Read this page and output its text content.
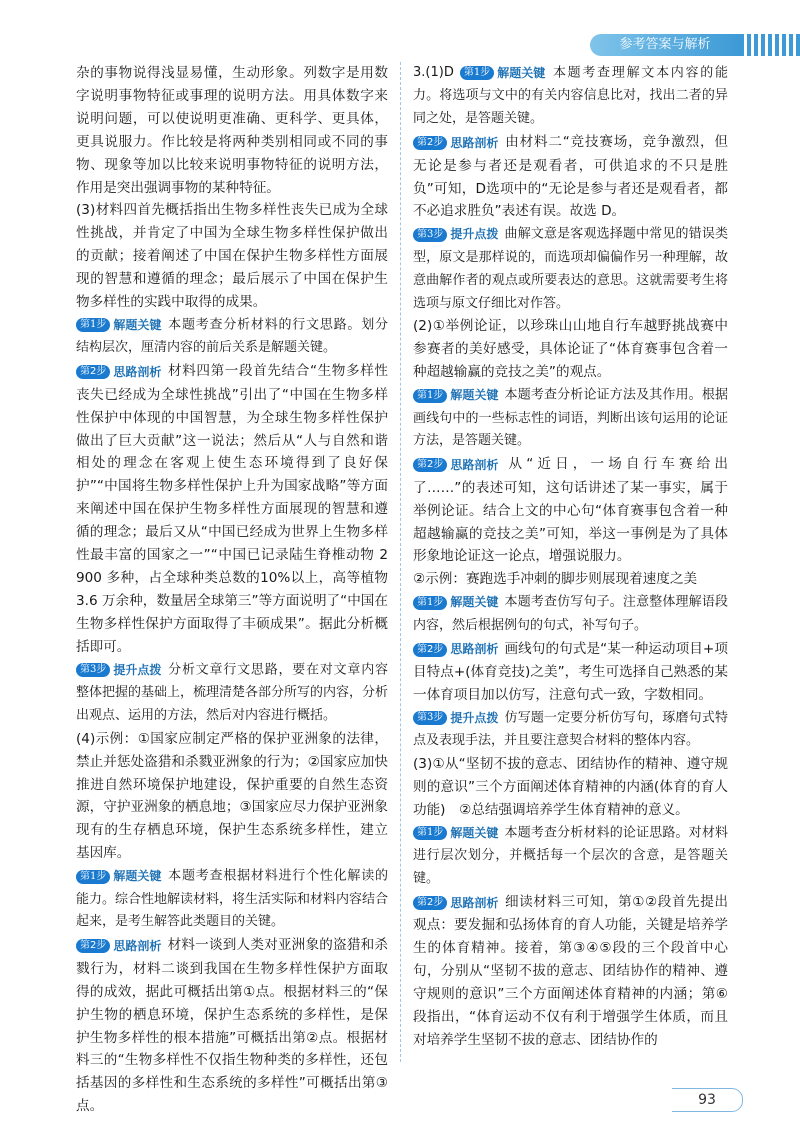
参考答案与解析

杂的事物说得浅显易懂，生动形象。列数字是用数字说明事物特征或事理的说明方法。用具体数字来说明问题，可以使说明更准确、更科学、更具体，更具说服力。作比较是将两种类别相同或不同的事物、现象等加以比较来说明事物特征的说明方法，作用是突出强调事物的某种特征。

(3)材料四首先概括指出生物多样性丧失已成为全球性挑战，并肯定了中国为全球生物多样性保护做出的贡献；接着阐述了中国在保护生物多样性方面展现的智慧和遵循的理念；最后展示了中国在保护生物多样性的实践中取得的成果。

第1步 解题关键 本题考查分析材料的行文思路。划分结构层次，厘清内容的前后关系是解题关键。

第2步 思路剖析 材料四第一段首先结合“生物多样性丧失已经成为全球性挑战”引出了“中国在生物多样性保护中体现的中国智慧，为全球生物多样性保护做出了巨大贡献”这一说法；然后从“人与自然和谐相处的理念在客观上使生态环境得到了良好保护”“中国将生物多样性保护上升为国家战略”等方面来阐述中国在保护生物多样性方面展现的智慧和遵循的理念；最后又从“中国已经成为世界上生物多样性最丰富的国家之一”“中国已记录陆生脊椎动物 2 900 多种，占全球种类总数的10%以上，高等植物 3.6 万余种，数量居全球第三”等方面说明了“中国在生物多样性保护方面取得了丰硕成果”。据此分析概括即可。

第3步 提升点拨 分析文章行文思路，要在对文章内容整体把握的基础上，梳理清楚各部分所写的内容，分析出观点、运用的方法，然后对内容进行概括。

(4)示例：①国家应制定严格的保护亚洲象的法律，禁止并惩处盗猎和杀戮亚洲象的行为；②国家应加快推进自然环境保护地建设，保护重要的自然生态资源，守护亚洲象的栖息地；③国家应尽力保护亚洲象现有的生存栖息环境，保护生态系统多样性，建立基因库。

第1步 解题关键 本题考查根据材料进行个性化解读的能力。综合性地解读材料，将生活实际和材料内容结合起来，是考生解答此类题目的关键。

第2步 思路剖析 材料一谈到人类对亚洲象的盗猎和杀戮行为，材料二谈到我国在生物多样性保护方面取得的成效，据此可概括出第①点。根据材料三的“保护生物的栖息环境，保护生态系统的多样性，是保护生物多样性的根本措施”可概括出第②点。根据材料三的“生物多样性不仅指生物种类的多样性，还包括基因的多样性和生态系统的多样性”可概括出第③点。

3.(1)D	第1步 解题关键 本题考查理解文本内容的能力。将选项与文中的有关内容信息比对，找出二者的异同之处，是答题关键。

第2步 思路剖析 由材料二“竞技赛场，竞争激烈，但无论是参与者还是观看者，可供追求的不只是胜负”可知，D选项中的“无论是参与者还是观看者，都不必追求胜负”表述有误。故选 D。

第3步 提升点拨 曲解文意是客观选择题中常见的错误类型，原文是那样说的，而选项却偏偏作另一种理解，故意曲解作者的观点或所要表达的意思。这就需要考生将选项与原文仔细比对作答。

(2)①举例论证，以珍珠山山地自行车越野挑战赛中参赛者的美好感受，具体论证了“体育赛事包含着一种超越输赢的竞技之美”的观点。

第1步 解题关键 本题考查分析论证方法及其作用。根据画线句中的一些标志性的词语，判断出该句运用的论证方法，是答题关键。

第2步 思路剖析 从“近日，一场自行车赛给出了……”的表述可知，这句话讲述了某一事实，属于举例论证。结合上文的中心句“体育赛事包含着一种超越输赢的竞技之美”可知，举这一事例是为了具体形象地论证这一论点，增强说服力。

②示例：赛跑选手冲刺的脚步则展现着速度之美

第1步 解题关键 本题考查仿写句子。注意整体理解语段内容，然后根据例句的句式，补写句子。

第2步 思路剖析 画线句的句式是“某一种运动项目+项目特点+(体育竞技)之美”，考生可选择自己熟悉的某一体育项目加以仿写，注意句式一致，字数相同。

第3步 提升点拨 仿写题一定要分析仿写句，琢磨句式特点及表现手法，并且要注意契合材料的整体内容。

(3)①从“坚韧不拔的意志、团结协作的精神、遵守规则的意识”三个方面阐述体育精神的内涵(体育的育人功能)　②总结强调培养学生体育精神的意义。

第1步 解题关键 本题考查分析材料的论证思路。对材料进行层次划分，并概括每一个层次的含意，是答题关键。

第2步 思路剖析 细读材料三可知，第①②段首先提出观点：要发掘和弘扬体育的育人功能，关键是培养学生的体育精神。接着，第③④⑤段的三个段首中心句，分别从“坚韧不拔的意志、团结协作的精神、遵守规则的意识”三个方面阐述体育精神的内涵；第⑥段指出，“体育运动不仅有利于增强学生体质，而且对培养学生坚韧不拔的意志、团结协作的

93
